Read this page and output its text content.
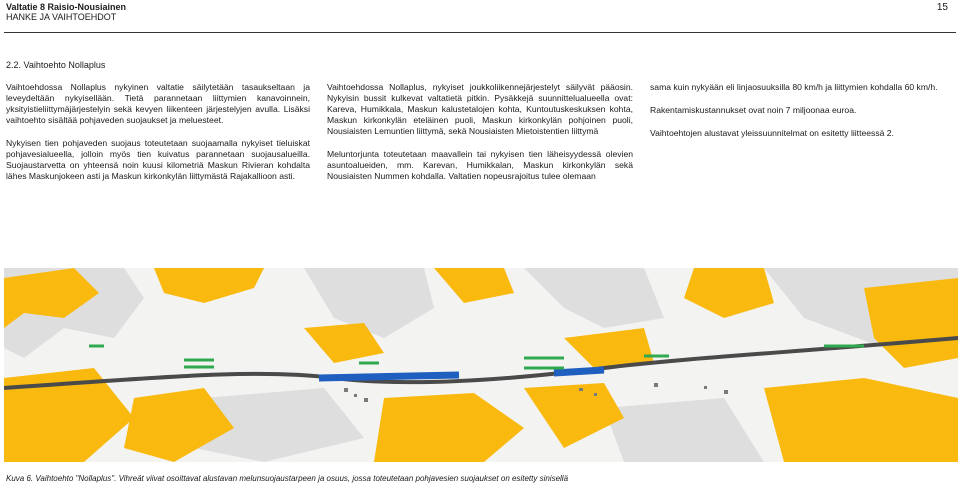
Valtatie 8 Raisio-Nousiainen
HANKE JA VAIHTOEHDOT
15
2.2. Vaihtoehto Nollaplus

Vaihtoehdossa Nollaplus nykyinen valtatie säilytetään tasaukseltaan ja leveydeltään nykyisellään. Tietä parannetaan liittymien kanavoinnein, yksityistieliittymäjärjestelyin sekä kevyen liikenteen järjestelyjen avulla. Lisäksi vaihtoehto sisältää pohjaveden suojaukset ja meluesteet.

Nykyisen tien pohjaveden suojaus toteutetaan suojaamalla nykyiset tieluiskat pohjavesialueella, jolloin myös tien kuivatus parannetaan suojausalueilla. Suojaustarvetta on yhteensä noin kuusi kilometriä Maskun Rivieran kohdalta lähes Maskunjokeen asti ja Maskun kirkonkylän liittymästä Rajakallioon asti.

Vaihtoehdossa Nollaplus, nykyiset joukkoliikennejärjestelyt säilyvät pääosin. Nykyisin bussit kulkevat valtatietä pitkin. Pysäkkejä suunnittelualueella ovat: Kareva, Humikkala, Maskun kalustetalojen kohta, Kuntoutuskeskuksen kohta, Maskun kirkonkylän eteläinen puoli, Maskun kirkonkylän pohjoinen puoli, Nousiaisten Lemuntien liittymä, sekä Nousiaisten Mietoistentien liittymä

Meluntorjunta toteutetaan maavallein tai nykyisen tien läheisyydessä olevien asuntoalueiden, mm. Karevan, Humikkalan, Maskun kirkonkylän sekä Nousiaisten Nummen kohdalla. Valtatien nopeusrajoitus tulee olemaan

sama kuin nykyään eli linjaosuuksilla 80 km/h ja liittymien kohdalla 60 km/h.

Rakentamiskustannukset ovat noin 7 miljoonaa euroa.

Vaihtoehtojen alustavat yleissuunnitelmat on esitetty liitteessä 2.

Kuva 6. Vaihtoehto "Nollaplus". Vihreät viivat osoittavat alustavan melunsuojaustarpeen ja osuus, jossa toteutetaan pohjavesien suojaukset on esitetty sinisellä
